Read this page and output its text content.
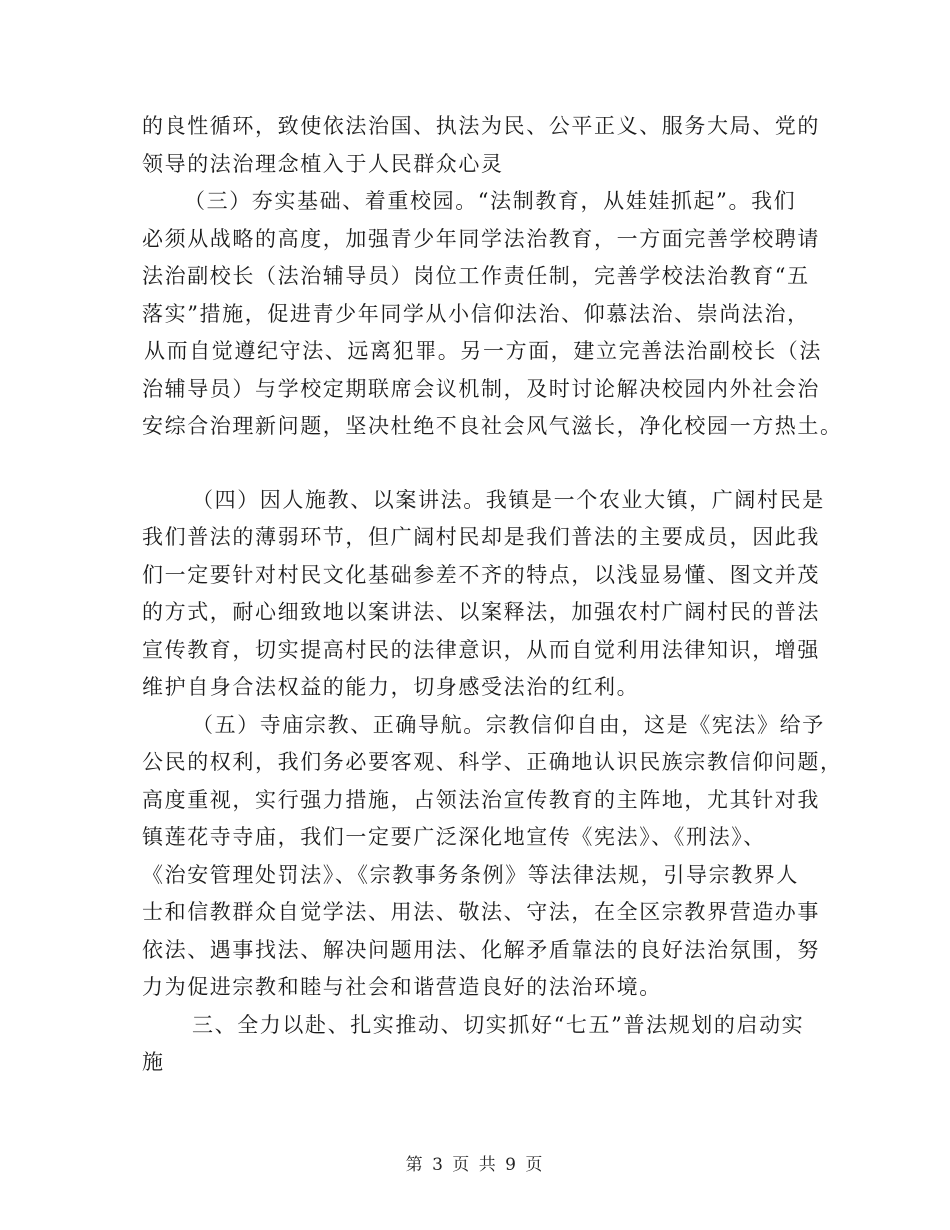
的良性循环，致使依法治国、执法为民、公平正义、服务大局、党的
领导的法治理念植入于人民群众心灵
（三）夯实基础、着重校园。“法制教育，从娃娃抓起”。我们
必须从战略的高度，加强青少年同学法治教育，一方面完善学校聘请
法治副校长（法治辅导员）岗位工作责任制，完善学校法治教育“五
落实”措施，促进青少年同学从小信仰法治、仰慕法治、崇尚法治，
从而自觉遵纪守法、远离犯罪。另一方面，建立完善法治副校长（法
治辅导员）与学校定期联席会议机制，及时讨论解决校园内外社会治
安综合治理新问题，坚决杜绝不良社会风气滋长，净化校园一方热土。
（四）因人施教、以案讲法。我镇是一个农业大镇，广阔村民是
我们普法的薄弱环节，但广阔村民却是我们普法的主要成员，因此我
们一定要针对村民文化基础参差不齐的特点，以浅显易懂、图文并茂
的方式，耐心细致地以案讲法、以案释法，加强农村广阔村民的普法
宣传教育，切实提高村民的法律意识，从而自觉利用法律知识，增强
维护自身合法权益的能力，切身感受法治的红利。
（五）寺庙宗教、正确导航。宗教信仰自由，这是《宪法》给予
公民的权利，我们务必要客观、科学、正确地认识民族宗教信仰问题，
高度重视，实行强力措施，占领法治宣传教育的主阵地，尤其针对我
镇莲花寺寺庙，我们一定要广泛深化地宣传《宪法》、《刑法》、
《治安管理处罚法》、《宗教事务条例》等法律法规，引导宗教界人
士和信教群众自觉学法、用法、敬法、守法，在全区宗教界营造办事
依法、遇事找法、解决问题用法、化解矛盾靠法的良好法治氛围，努
力为促进宗教和睦与社会和谐营造良好的法治环境。
三、全力以赴、扎实推动、切实抓好“七五”普法规划的启动实
施
第 3 页 共 9 页
